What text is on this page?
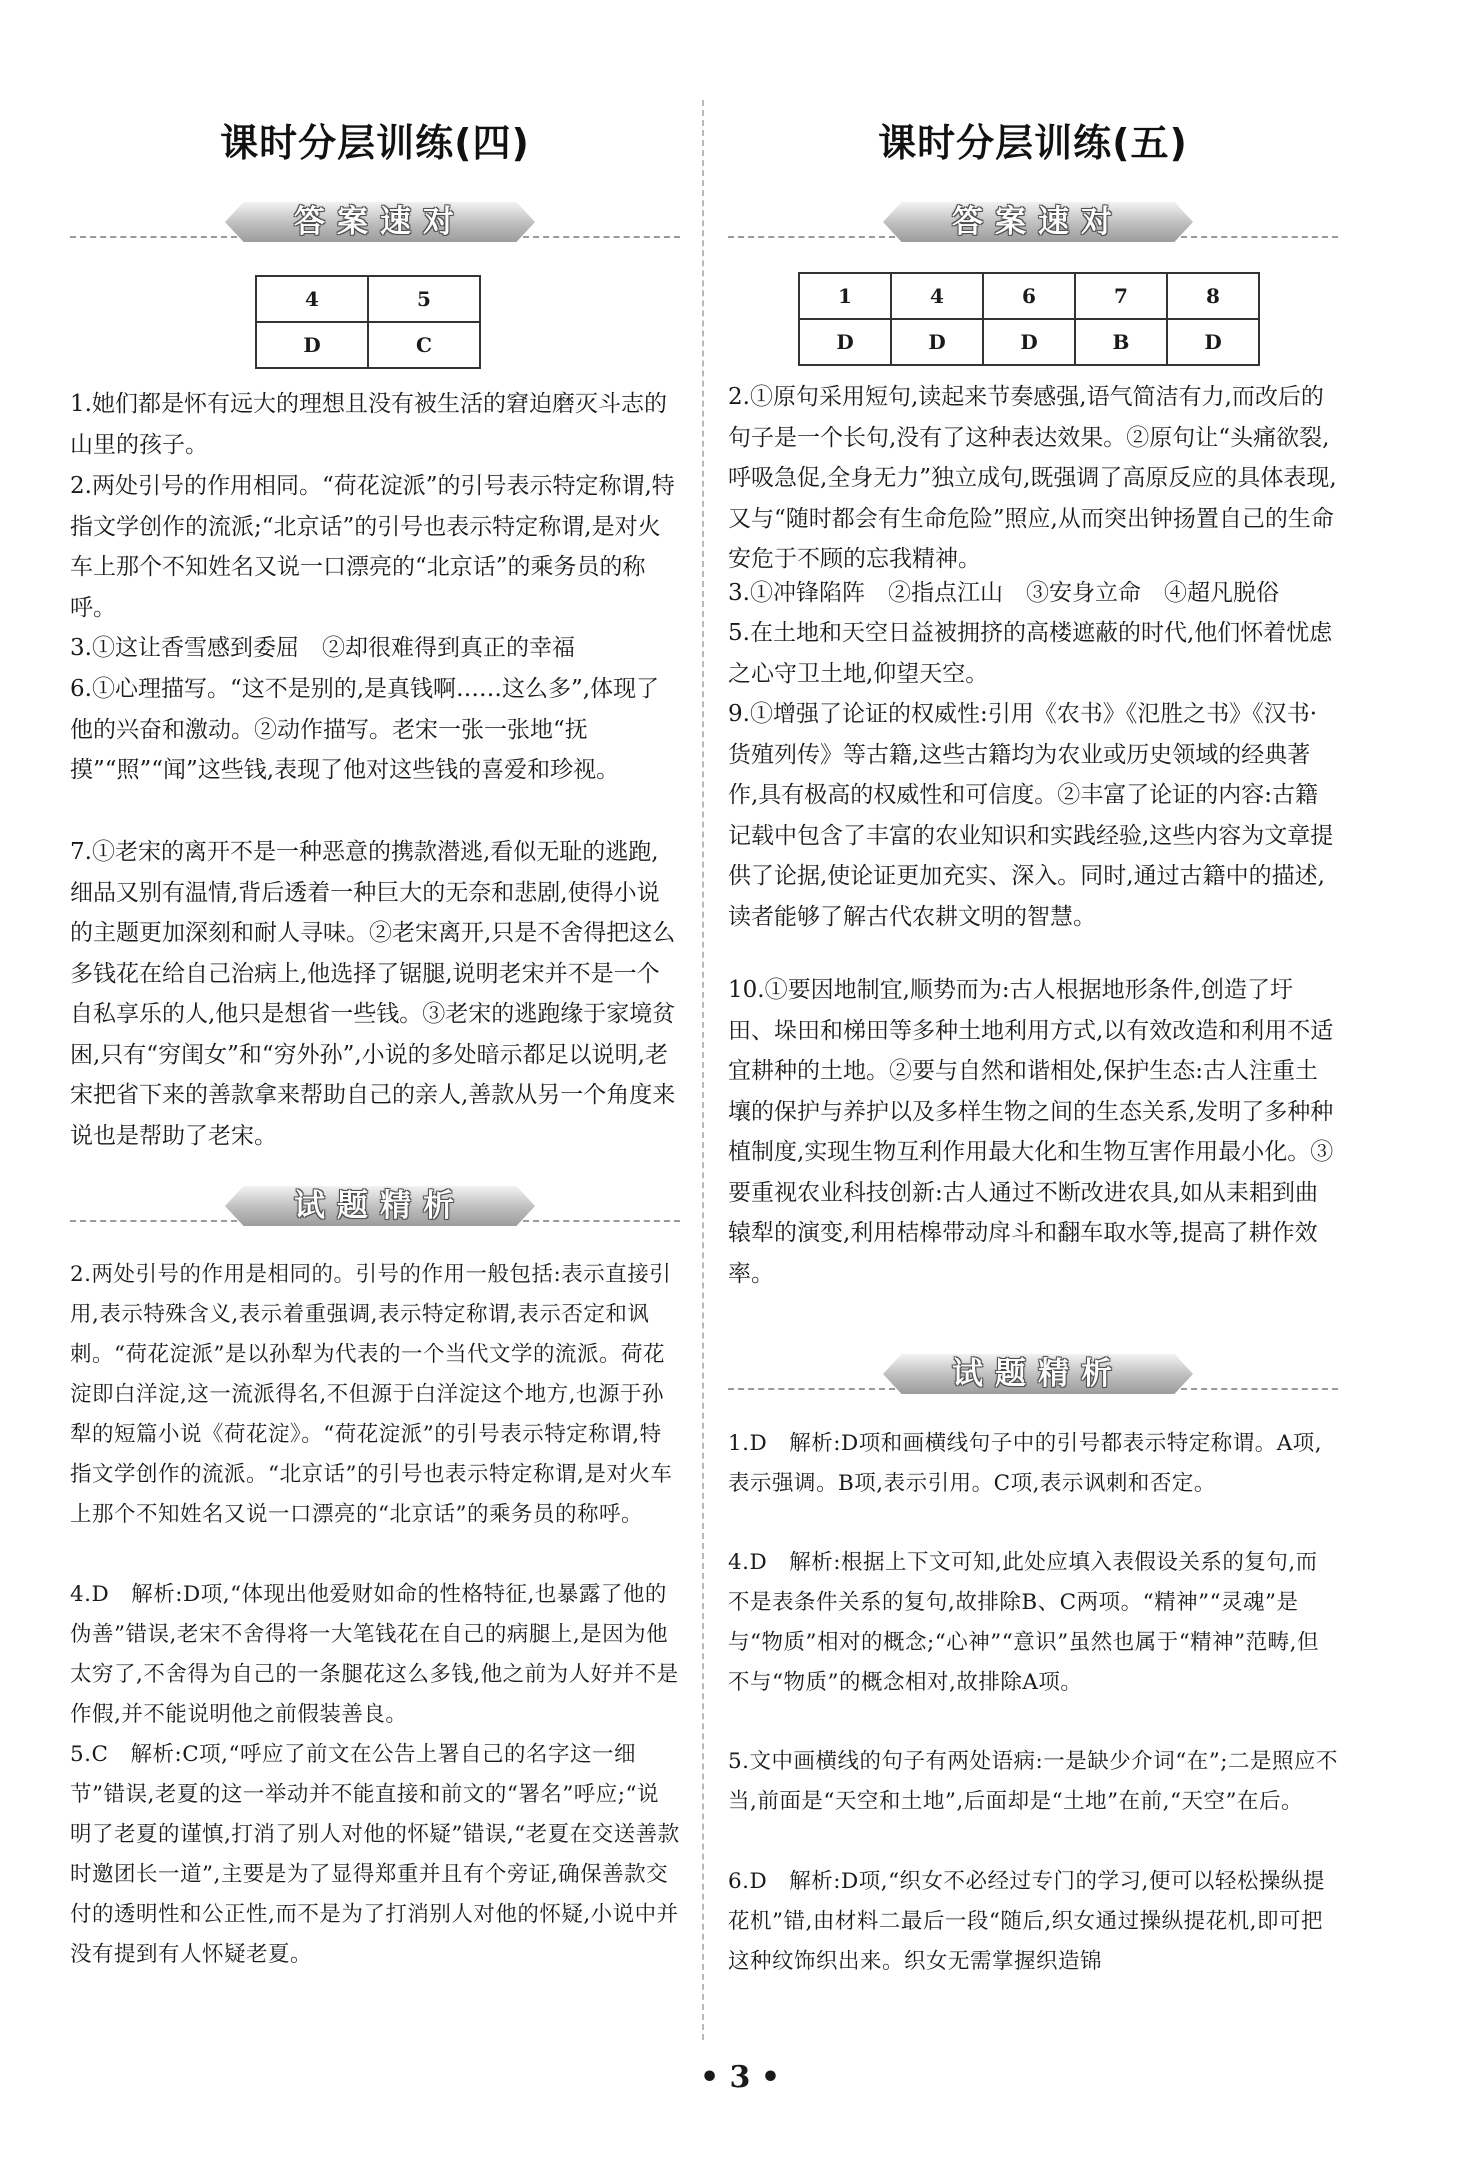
课时分层训练(四)
答案速对
4	5
D	C
1.她们都是怀有远大的理想且没有被生活的窘迫磨灭斗志的山里的孩子。
2.两处引号的作用相同。“荷花淀派”的引号表示特定称谓,特指文学创作的流派;“北京话”的引号也表示特定称谓,是对火车上那个不知姓名又说一口漂亮的“北京话”的乘务员的称呼。
3.①这让香雪感到委屈　②却很难得到真正的幸福
6.①心理描写。“这不是别的,是真钱啊……这么多”,体现了他的兴奋和激动。②动作描写。老宋一张一张地“抚摸”“照”“闻”这些钱,表现了他对这些钱的喜爱和珍视。
7.①老宋的离开不是一种恶意的携款潜逃,看似无耻的逃跑,细品又别有温情,背后透着一种巨大的无奈和悲剧,使得小说的主题更加深刻和耐人寻味。②老宋离开,只是不舍得把这么多钱花在给自己治病上,他选择了锯腿,说明老宋并不是一个自私享乐的人,他只是想省一些钱。③老宋的逃跑缘于家境贫困,只有“穷闺女”和“穷外孙”,小说的多处暗示都足以说明,老宋把省下来的善款拿来帮助自己的亲人,善款从另一个角度来说也是帮助了老宋。
试题精析
2.两处引号的作用是相同的。引号的作用一般包括:表示直接引用,表示特殊含义,表示着重强调,表示特定称谓,表示否定和讽刺。“荷花淀派”是以孙犁为代表的一个当代文学的流派。荷花淀即白洋淀,这一流派得名,不但源于白洋淀这个地方,也源于孙犁的短篇小说《荷花淀》。“荷花淀派”的引号表示特定称谓,特指文学创作的流派。“北京话”的引号也表示特定称谓,是对火车上那个不知姓名又说一口漂亮的“北京话”的乘务员的称呼。
4.D　解析:D项,“体现出他爱财如命的性格特征,也暴露了他的伪善”错误,老宋不舍得将一大笔钱花在自己的病腿上,是因为他太穷了,不舍得为自己的一条腿花这么多钱,他之前为人好并不是作假,并不能说明他之前假装善良。
5.C　解析:C项,“呼应了前文在公告上署自己的名字这一细节”错误,老夏的这一举动并不能直接和前文的“署名”呼应;“说明了老夏的谨慎,打消了别人对他的怀疑”错误,“老夏在交送善款时邀团长一道”,主要是为了显得郑重并且有个旁证,确保善款交付的透明性和公正性,而不是为了打消别人对他的怀疑,小说中并没有提到有人怀疑老夏。
课时分层训练(五)
答案速对
1	4	6	7	8
D	D	D	B	D
2.①原句采用短句,读起来节奏感强,语气简洁有力,而改后的句子是一个长句,没有了这种表达效果。②原句让“头痛欲裂,呼吸急促,全身无力”独立成句,既强调了高原反应的具体表现,又与“随时都会有生命危险”照应,从而突出钟扬置自己的生命安危于不顾的忘我精神。
3.①冲锋陷阵　②指点江山　③安身立命　④超凡脱俗
5.在土地和天空日益被拥挤的高楼遮蔽的时代,他们怀着忧虑之心守卫土地,仰望天空。
9.①增强了论证的权威性:引用《农书》《氾胜之书》《汉书·货殖列传》等古籍,这些古籍均为农业或历史领域的经典著作,具有极高的权威性和可信度。②丰富了论证的内容:古籍记载中包含了丰富的农业知识和实践经验,这些内容为文章提供了论据,使论证更加充实、深入。同时,通过古籍中的描述,读者能够了解古代农耕文明的智慧。
10.①要因地制宜,顺势而为:古人根据地形条件,创造了圩田、垛田和梯田等多种土地利用方式,以有效改造和利用不适宜耕种的土地。②要与自然和谐相处,保护生态:古人注重土壤的保护与养护以及多样生物之间的生态关系,发明了多种种植制度,实现生物互利作用最大化和生物互害作用最小化。③要重视农业科技创新:古人通过不断改进农具,如从耒耜到曲辕犁的演变,利用桔槔带动戽斗和翻车取水等,提高了耕作效率。
试题精析
1.D　解析:D项和画横线句子中的引号都表示特定称谓。A项,表示强调。B项,表示引用。C项,表示讽刺和否定。
4.D　解析:根据上下文可知,此处应填入表假设关系的复句,而不是表条件关系的复句,故排除B、C两项。“精神”“灵魂”是与“物质”相对的概念;“心神”“意识”虽然也属于“精神”范畴,但不与“物质”的概念相对,故排除A项。
5.文中画横线的句子有两处语病:一是缺少介词“在”;二是照应不当,前面是“天空和土地”,后面却是“土地”在前,“天空”在后。
6.D　解析:D项,“织女不必经过专门的学习,便可以轻松操纵提花机”错,由材料二最后一段“随后,织女通过操纵提花机,即可把这种纹饰织出来。织女无需掌握织造锦
• 3 •
